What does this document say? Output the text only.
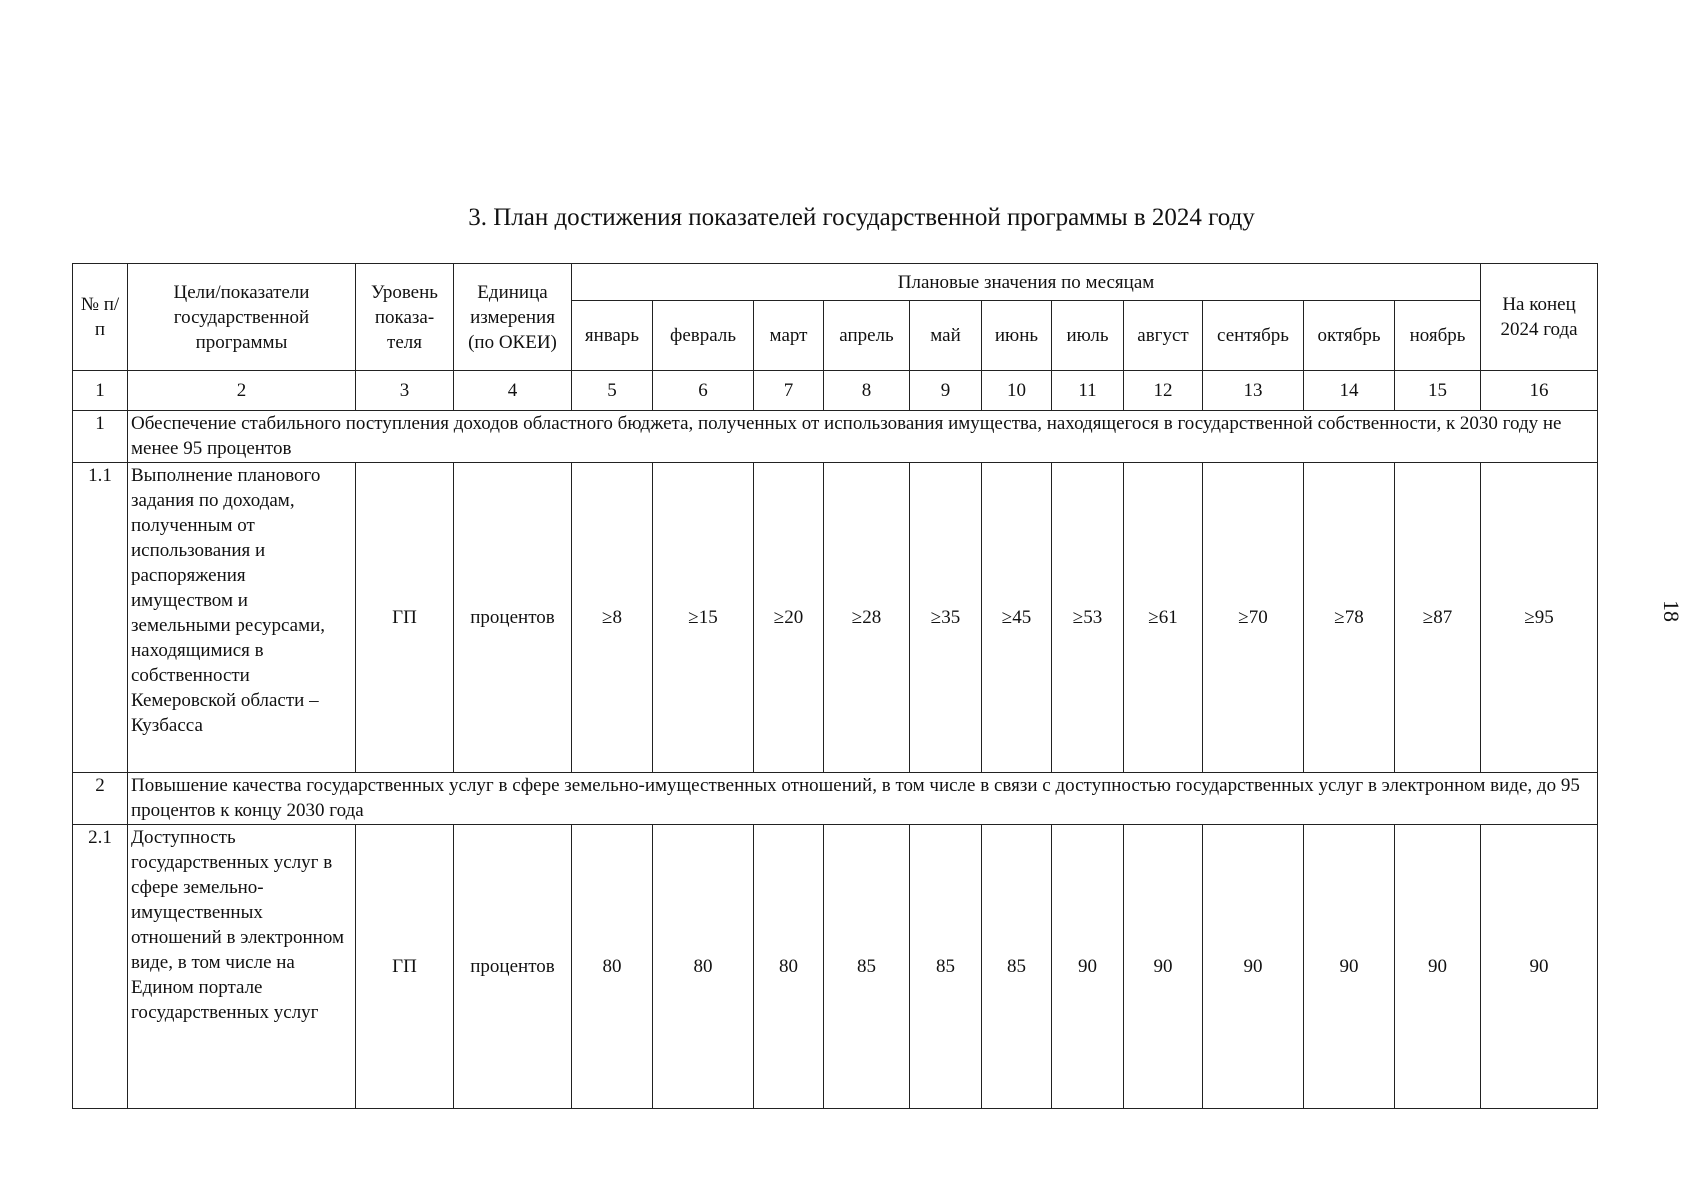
3. План достижения показателей государственной программы в 2024 году
18
№ п/п	Цели/показатели государственной программы	Уровень показа-теля	Единица измерения (по ОКЕИ)	Плановые значения по месяцам											На конец 2024 года
				январь	февраль	март	апрель	май	июнь	июль	август	сентябрь	октябрь	ноябрь	
1	2	3	4	5	6	7	8	9	10	11	12	13	14	15	16
1	Обеспечение стабильного поступления доходов областного бюджета, полученных от использования имущества, находящегося в государственной собственности, к 2030 году не менее 95 процентов														
1.1	Выполнение планового задания по доходам, полученным от использования и распоряжения имуществом и земельными ресурсами, находящимися в собственности Кемеровской области – Кузбасса	ГП	процентов	≥8	≥15	≥20	≥28	≥35	≥45	≥53	≥61	≥70	≥78	≥87	≥95
2	Повышение качества государственных услуг в сфере земельно-имущественных отношений, в том числе в связи с доступностью государственных услуг в электронном виде, до 95 процентов к концу 2030 года														
2.1	Доступность государственных услуг в сфере земельно-имущественных отношений в электронном виде, в том числе на Едином портале государственных услуг	ГП	процентов	80	80	80	85	85	85	90	90	90	90	90	90
